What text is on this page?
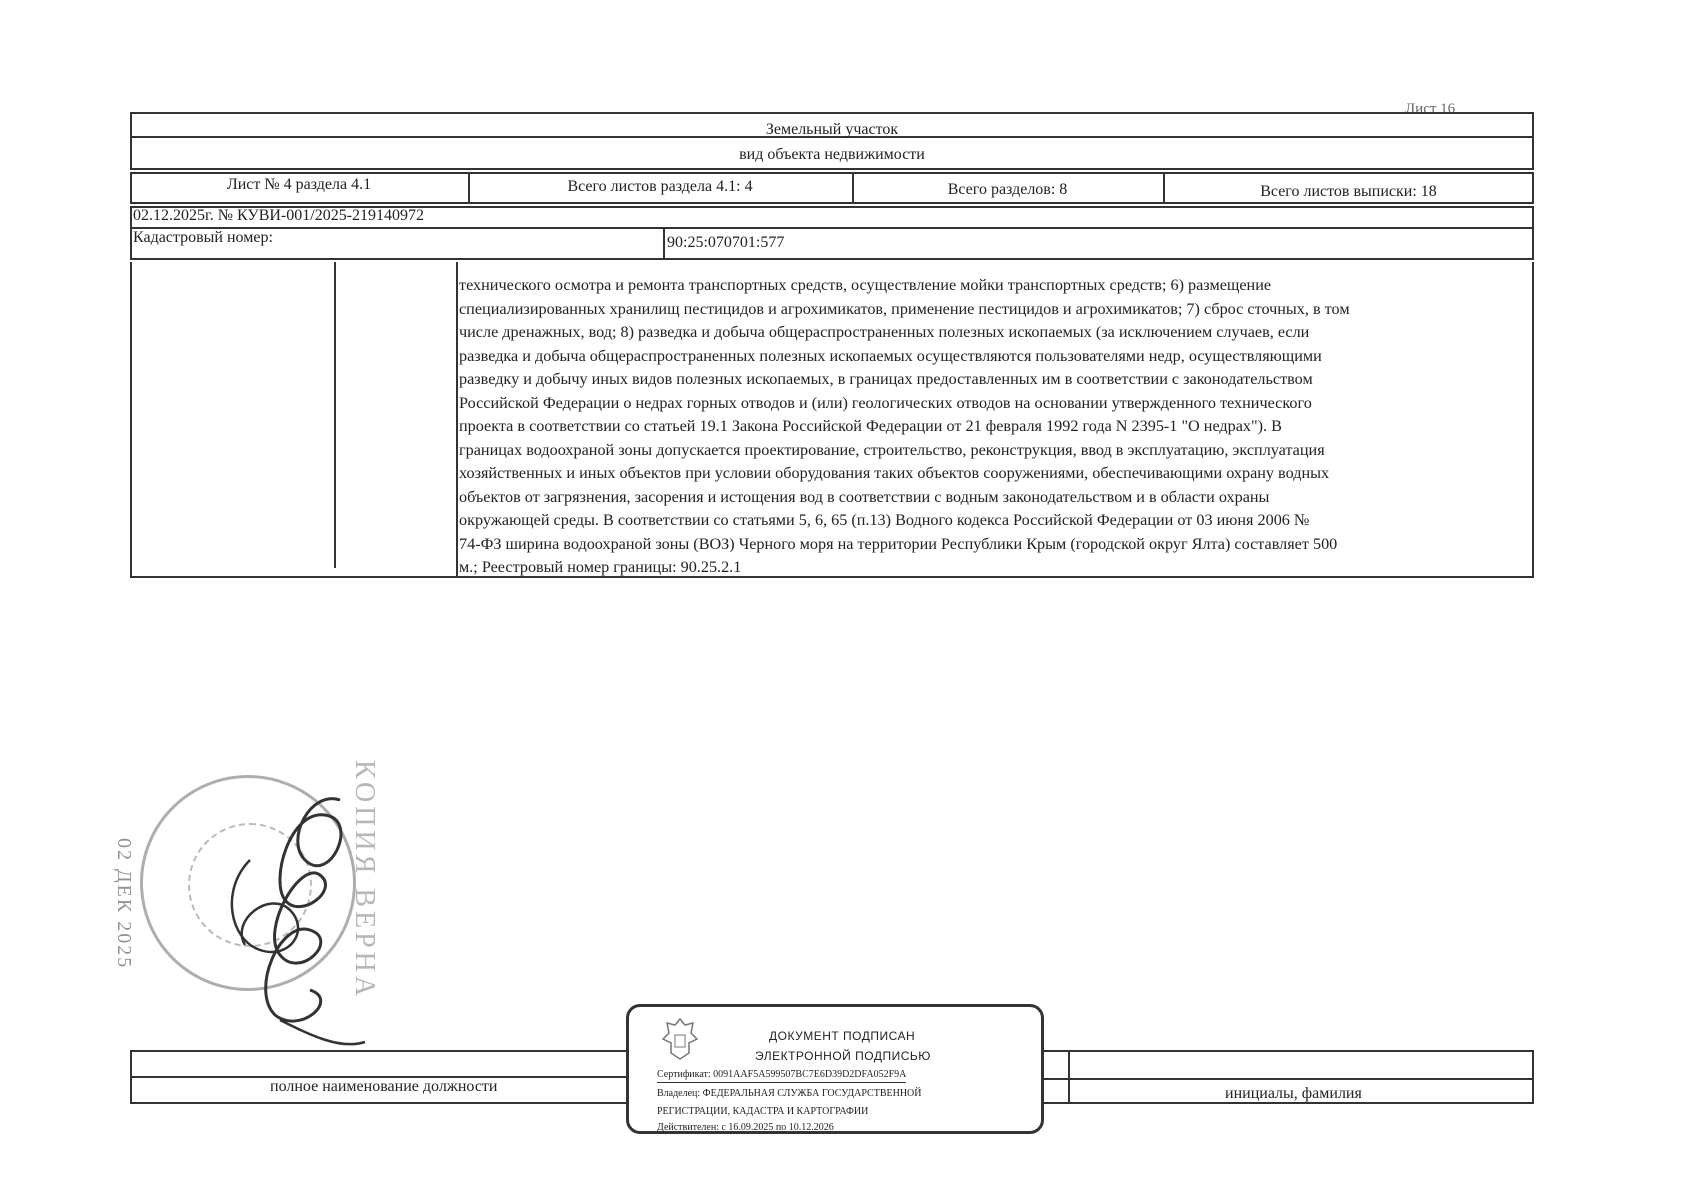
Лист 16
Земельный участок
вид объекта недвижимости
Лист № 4 раздела 4.1	Всего листов раздела 4.1: 4	Всего разделов: 8	Всего листов выписки: 18
02.12.2025г. № КУВИ-001/2025-219140972
Кадастровый номер:	90:25:070701:577
технического осмотра и ремонта транспортных средств, осуществление мойки транспортных средств; 6) размещение
специализированных хранилищ пестицидов и агрохимикатов, применение пестицидов и агрохимикатов; 7) сброс сточных, в том
числе дренажных, вод; 8) разведка и добыча общераспространенных полезных ископаемых (за исключением случаев, если
разведка и добыча общераспространенных полезных ископаемых осуществляются пользователями недр, осуществляющими
разведку и добычу иных видов полезных ископаемых, в границах предоставленных им в соответствии с законодательством
Российской Федерации о недрах горных отводов и (или) геологических отводов на основании утвержденного технического
проекта в соответствии со статьей 19.1 Закона Российской Федерации от 21 февраля 1992 года N 2395-1 "О недрах"). В
границах водоохраной зоны допускается проектирование, строительство, реконструкция, ввод в эксплуатацию, эксплуатация
хозяйственных и иных объектов при условии оборудования таких объектов сооружениями, обеспечивающими охрану водных
объектов от загрязнения, засорения и истощения вод в соответствии с водным законодательством и в области охраны
окружающей среды. В соответствии со статьями 5, 6, 65 (п.13) Водного кодекса Российской Федерации от 03 июня 2006 №
74-ФЗ ширина водоохраной зоны (ВОЗ) Черного моря на территории Республики Крым (городской округ Ялта) составляет 500
м.; Реестровый номер границы: 90.25.2.1
02 ДЕК 2025	КОПИЯ ВЕРНА
полное наименование должности	инициалы, фамилия
ДОКУМЕНТ ПОДПИСАН
ЭЛЕКТРОННОЙ ПОДПИСЬЮ
Сертификат: 0091AAF5A599507BC7E6D39D2DFA052F9A
Владелец: ФЕДЕРАЛЬНАЯ СЛУЖБА ГОСУДАРСТВЕННОЙ
РЕГИСТРАЦИИ, КАДАСТРА И КАРТОГРАФИИ
Действителен: с 16.09.2025 по 10.12.2026
